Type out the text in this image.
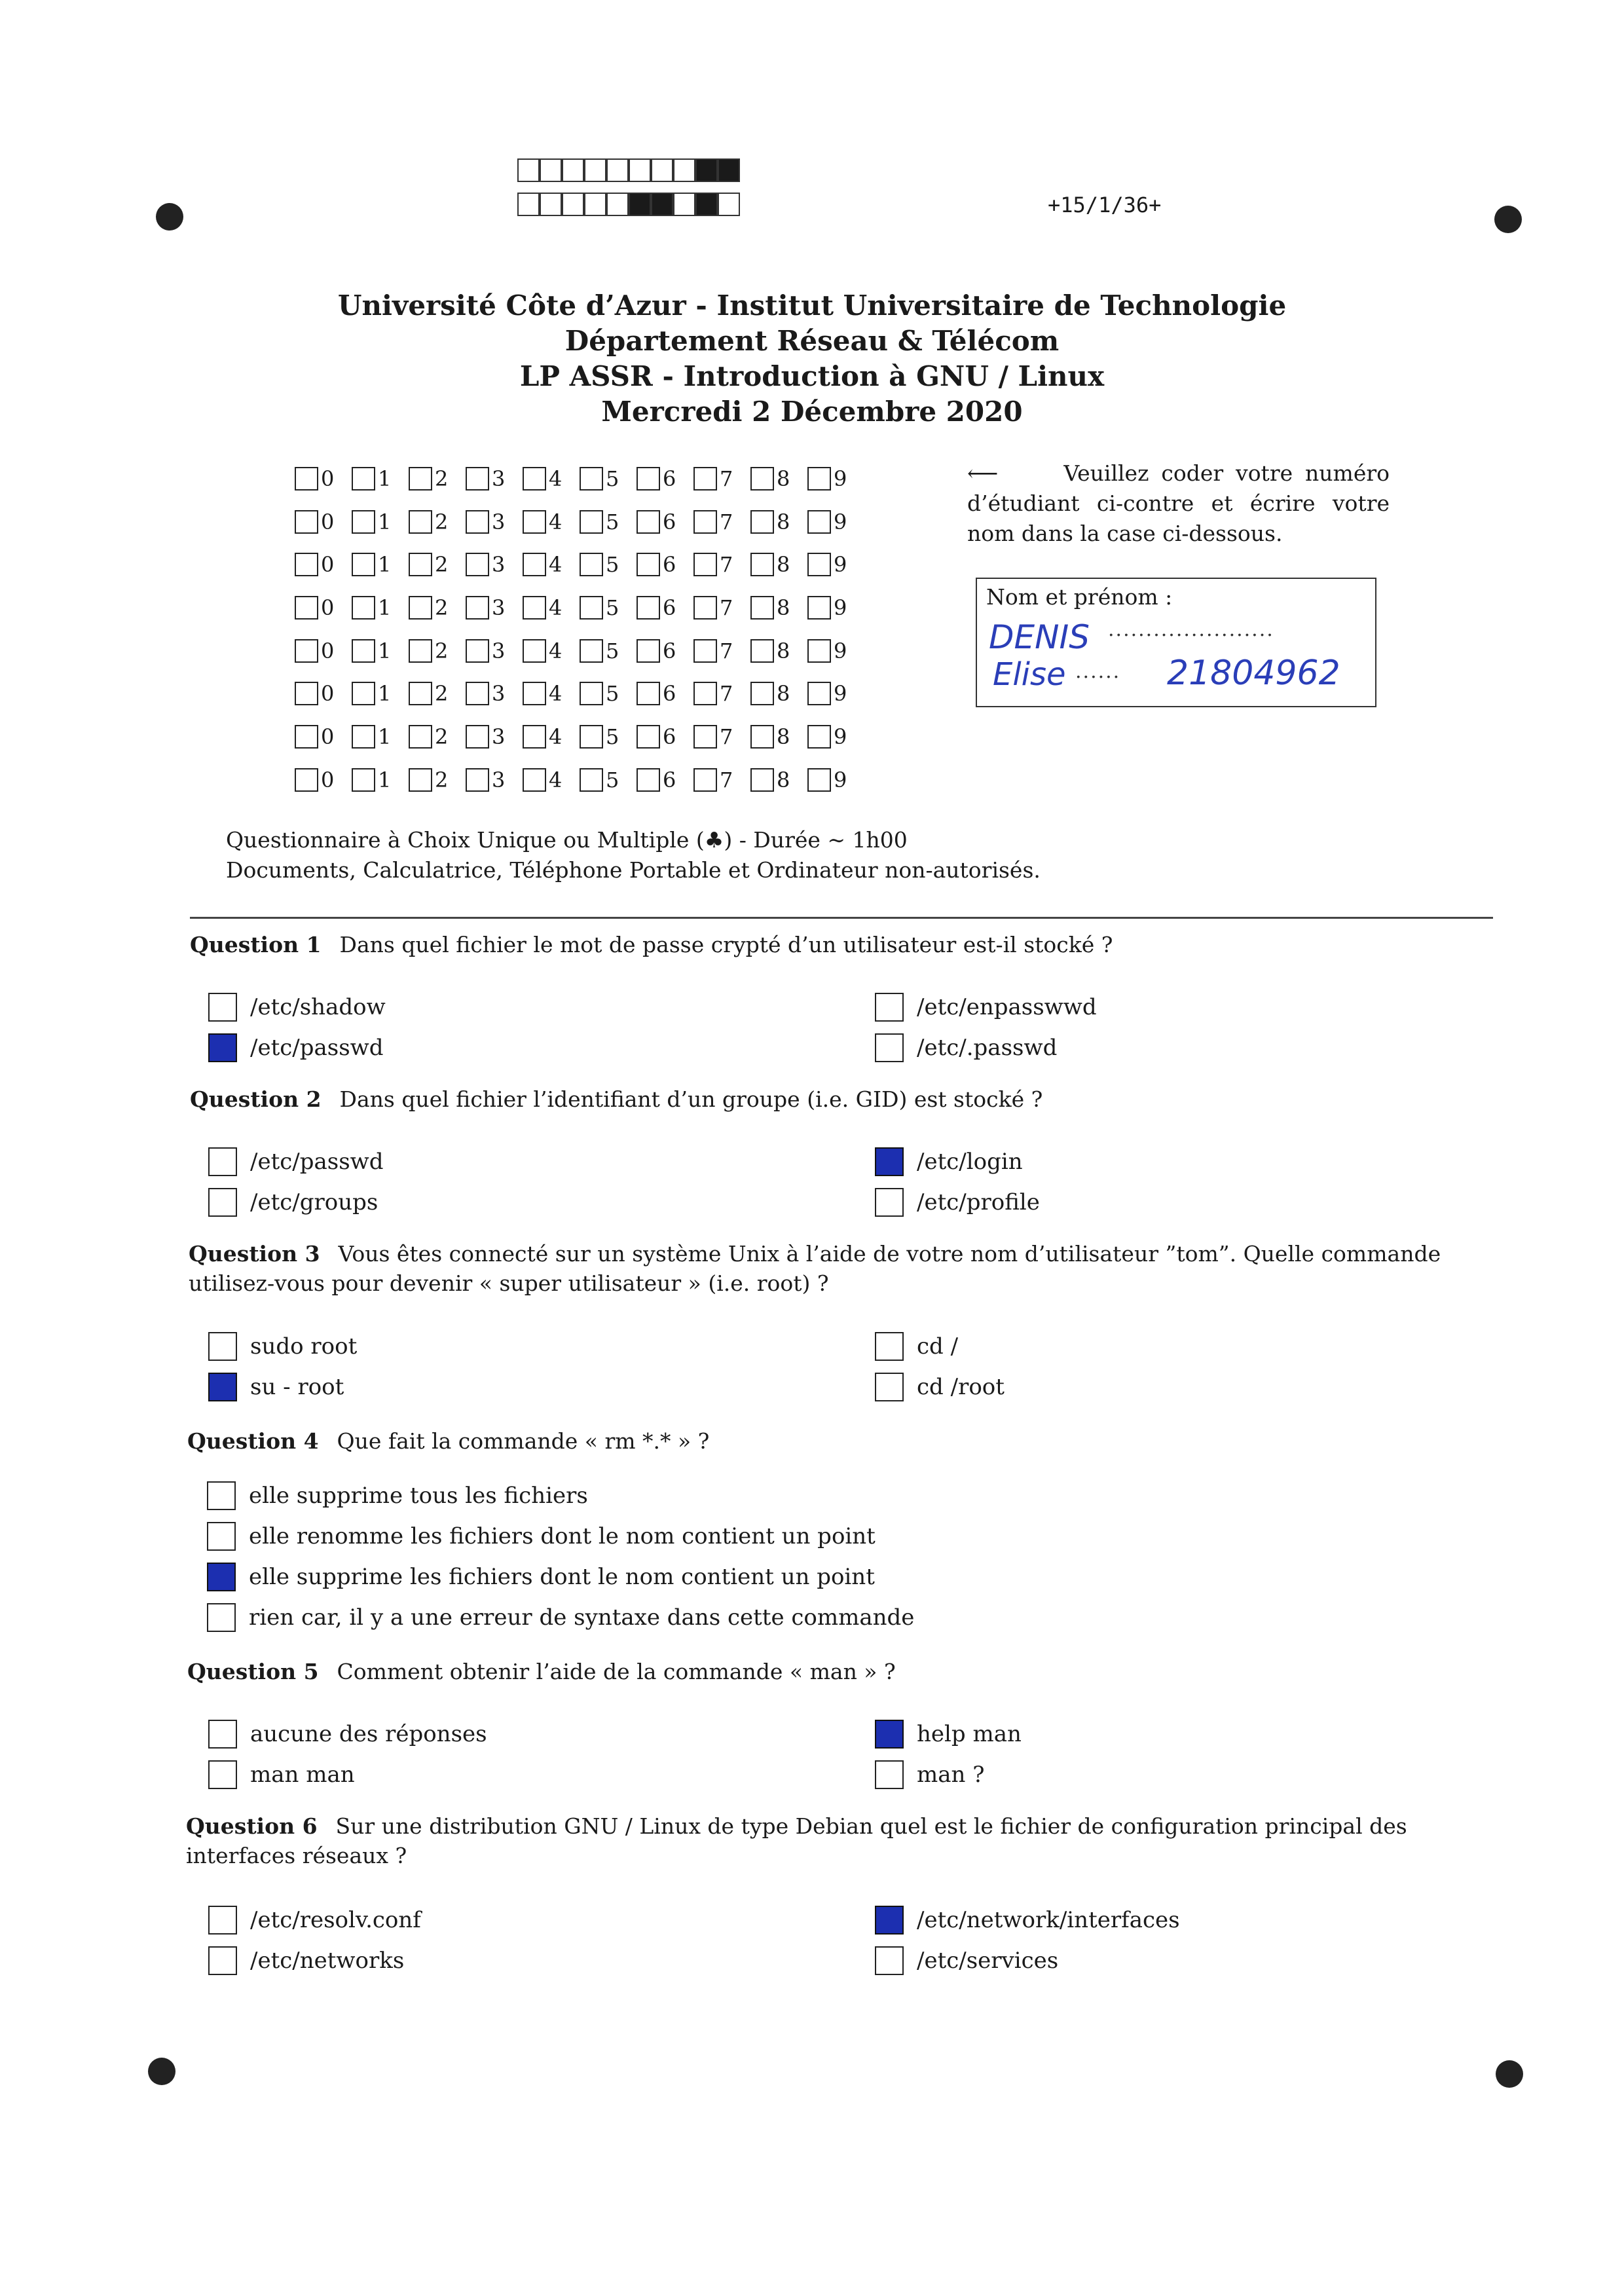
+15/1/36+
Université Côte d’Azur - Institut Universitaire de Technologie
Département Réseau & Télécom
LP ASSR - Introduction à GNU / Linux
Mercredi 2 Décembre 2020
0 1 2 3 4 5 6 7 8 9
0 1 2 3 4 5 6 7 8 9
0 1 2 3 4 5 6 7 8 9
0 1 2 3 4 5 6 7 8 9
0 1 2 3 4 5 6 7 8 9
0 1 2 3 4 5 6 7 8 9
0 1 2 3 4 5 6 7 8 9
0 1 2 3 4 5 6 7 8 9
⟵	Veuillez coder votre numéro d’étudiant ci-contre et écrire votre nom dans la case ci-dessous.
Nom et prénom :
DENIS ......................
Elise ...... 21804962
Questionnaire à Choix Unique ou Multiple (♣) - Durée ∼ 1h00
Documents, Calculatrice, Téléphone Portable et Ordinateur non-autorisés.
Question 1 Dans quel fichier le mot de passe crypté d’un utilisateur est-il stocké ?
/etc/shadow
/etc/passwd
/etc/enpasswwd
/etc/.passwd
Question 2 Dans quel fichier l’identifiant d’un groupe (i.e. GID) est stocké ?
/etc/passwd
/etc/groups
/etc/login
/etc/profile
Question 3 Vous êtes connecté sur un système Unix à l’aide de votre nom d’utilisateur ”tom”. Quelle commande utilisez-vous pour devenir « super utilisateur » (i.e. root) ?
sudo root
su - root
cd /
cd /root
Question 4 Que fait la commande « rm *.* » ?
elle supprime tous les fichiers
elle renomme les fichiers dont le nom contient un point
elle supprime les fichiers dont le nom contient un point
rien car, il y a une erreur de syntaxe dans cette commande
Question 5 Comment obtenir l’aide de la commande « man » ?
aucune des réponses
man man
help man
man ?
Question 6 Sur une distribution GNU / Linux de type Debian quel est le fichier de configuration principal des interfaces réseaux ?
/etc/resolv.conf
/etc/networks
/etc/network/interfaces
/etc/services
